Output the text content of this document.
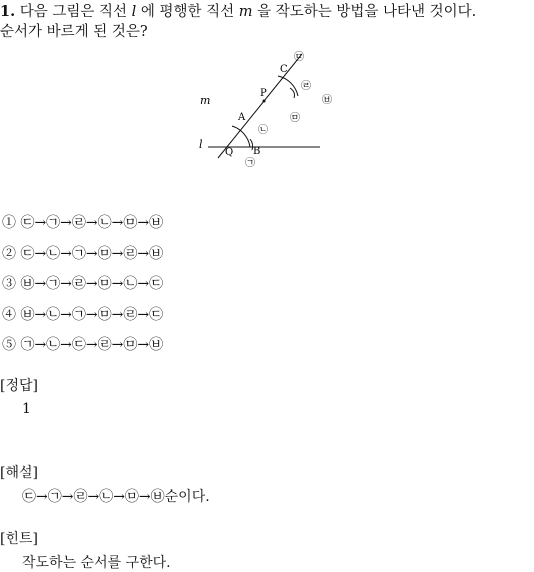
1. 다음 그림은 직선 l 에 평행한 직선 m 을 작도하는 방법을 나타낸 것이다.
순서가 바르게 된 것은?
l
m
P
A
B
C
Q
㉠
㉡
㉢
㉣
㉤
㉥
① ㉢→㉠→㉣→㉡→㉤→㉥
② ㉢→㉡→㉠→㉤→㉣→㉥
③ ㉥→㉠→㉣→㉤→㉡→㉢
④ ㉥→㉡→㉠→㉤→㉣→㉢
⑤ ㉠→㉡→㉢→㉣→㉤→㉥
[정답]
1
[해설]
㉢→㉠→㉣→㉡→㉤→㉥순이다.
[힌트]
작도하는 순서를 구한다.
